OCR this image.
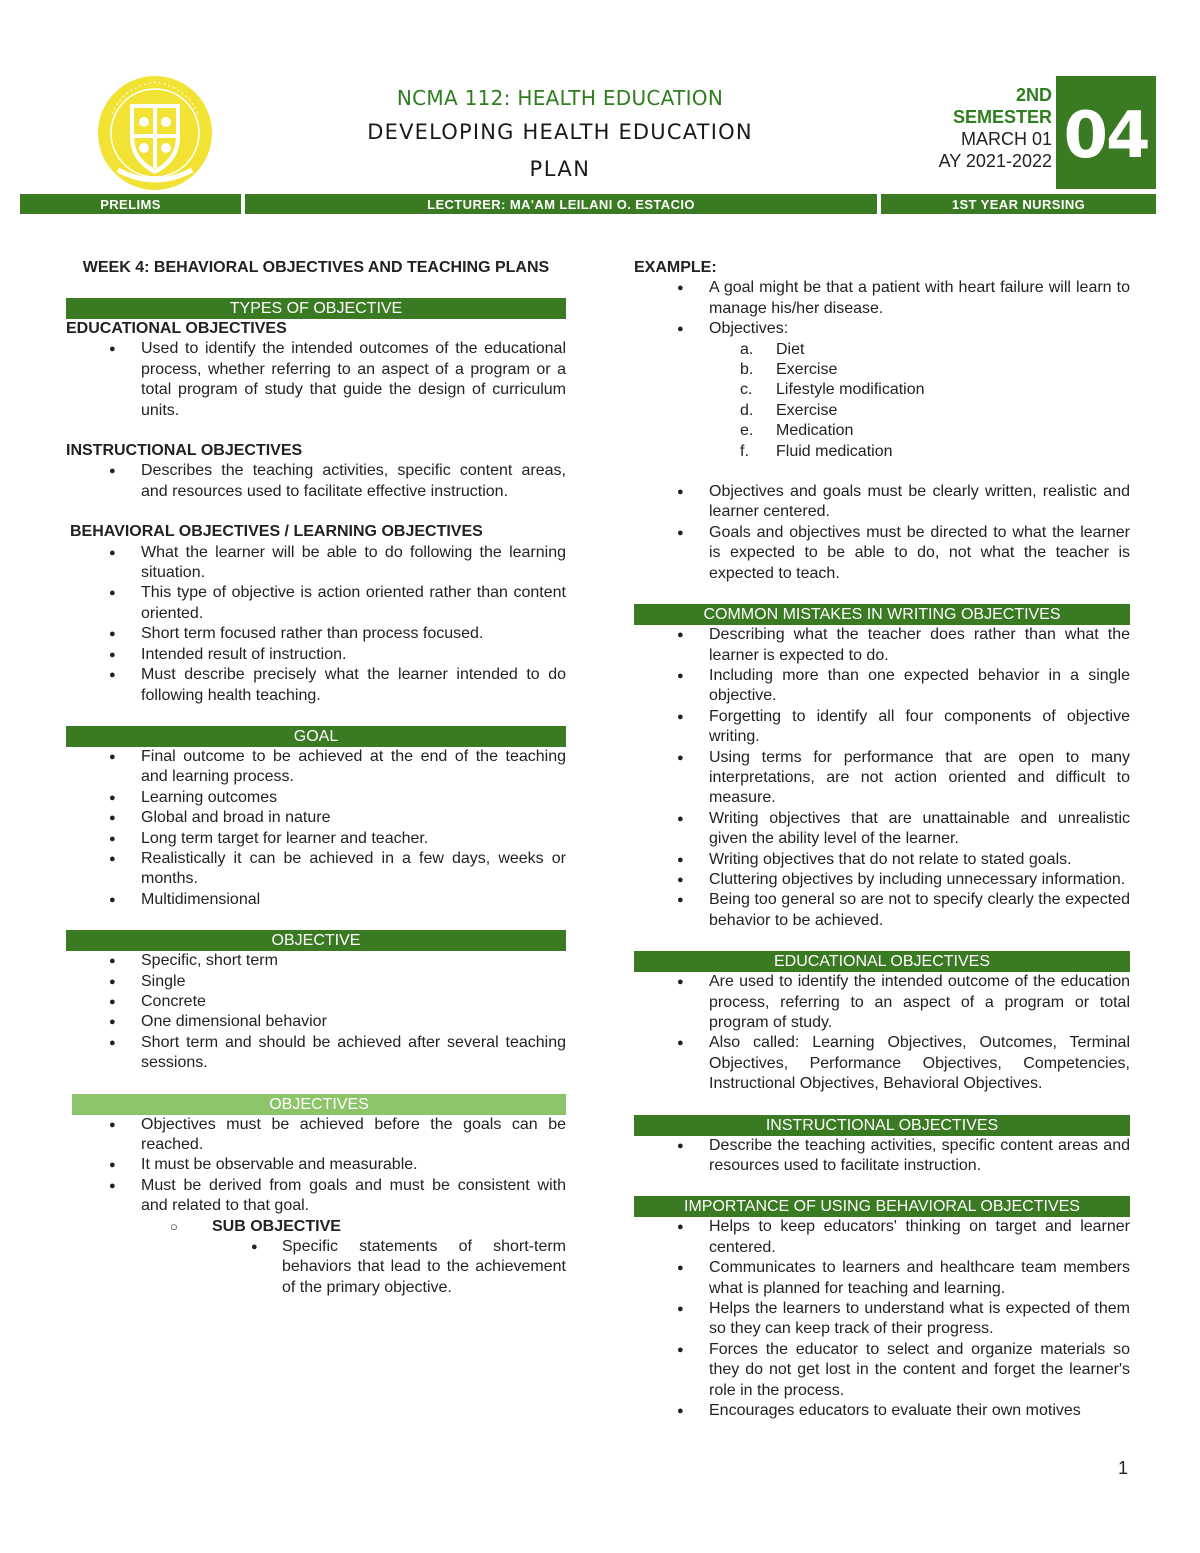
NCMA 112: HEALTH EDUCATION
DEVELOPING HEALTH EDUCATION
PLAN
2ND
SEMESTER
MARCH 01
AY 2021-2022 04
PRELIMS	LECTURER: MA'AM LEILANI O. ESTACIO	1ST YEAR NURSING
WEEK 4: BEHAVIORAL OBJECTIVES AND TEACHING PLANS
TYPES OF OBJECTIVE
EDUCATIONAL OBJECTIVES
● Used to identify the intended outcomes of the educational process, whether referring to an aspect of a program or a total program of study that guide the design of curriculum units.
INSTRUCTIONAL OBJECTIVES
● Describes the teaching activities, specific content areas, and resources used to facilitate effective instruction.
BEHAVIORAL OBJECTIVES / LEARNING OBJECTIVES
● What the learner will be able to do following the learning situation.
● This type of objective is action oriented rather than content oriented.
● Short term focused rather than process focused.
● Intended result of instruction.
● Must describe precisely what the learner intended to do following health teaching.
GOAL
● Final outcome to be achieved at the end of the teaching and learning process.
● Learning outcomes
● Global and broad in nature
● Long term target for learner and teacher.
● Realistically it can be achieved in a few days, weeks or months.
● Multidimensional
OBJECTIVE
● Specific, short term
● Single
● Concrete
● One dimensional behavior
● Short term and should be achieved after several teaching sessions.
OBJECTIVES
● Objectives must be achieved before the goals can be reached.
● It must be observable and measurable.
● Must be derived from goals and must be consistent with and related to that goal.
○ SUB OBJECTIVE
● Specific statements of short-term behaviors that lead to the achievement of the primary objective.
EXAMPLE:
● A goal might be that a patient with heart failure will learn to manage his/her disease.
● Objectives:
a. Diet
b. Exercise
c. Lifestyle modification
d. Exercise
e. Medication
f. Fluid medication
● Objectives and goals must be clearly written, realistic and learner centered.
● Goals and objectives must be directed to what the learner is expected to be able to do, not what the teacher is expected to teach.
COMMON MISTAKES IN WRITING OBJECTIVES
● Describing what the teacher does rather than what the learner is expected to do.
● Including more than one expected behavior in a single objective.
● Forgetting to identify all four components of objective writing.
● Using terms for performance that are open to many interpretations, are not action oriented and difficult to measure.
● Writing objectives that are unattainable and unrealistic given the ability level of the learner.
● Writing objectives that do not relate to stated goals.
● Cluttering objectives by including unnecessary information.
● Being too general so are not to specify clearly the expected behavior to be achieved.
EDUCATIONAL OBJECTIVES
● Are used to identify the intended outcome of the education process, referring to an aspect of a program or total program of study.
● Also called: Learning Objectives, Outcomes, Terminal Objectives, Performance Objectives, Competencies, Instructional Objectives, Behavioral Objectives.
INSTRUCTIONAL OBJECTIVES
● Describe the teaching activities, specific content areas and resources used to facilitate instruction.
IMPORTANCE OF USING BEHAVIORAL OBJECTIVES
● Helps to keep educators' thinking on target and learner centered.
● Communicates to learners and healthcare team members what is planned for teaching and learning.
● Helps the learners to understand what is expected of them so they can keep track of their progress.
● Forces the educator to select and organize materials so they do not get lost in the content and forget the learner's role in the process.
● Encourages educators to evaluate their own motives
1
